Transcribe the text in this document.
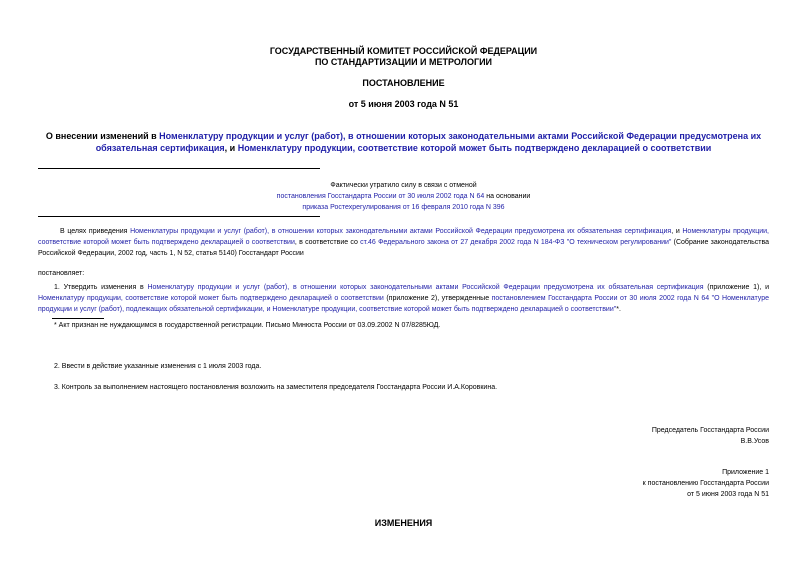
ГОСУДАРСТВЕННЫЙ КОМИТЕТ РОССИЙСКОЙ ФЕДЕРАЦИИ
ПО СТАНДАРТИЗАЦИИ И МЕТРОЛОГИИ
ПОСТАНОВЛЕНИЕ
от 5 июня 2003 года N 51
О внесении изменений в Номенклатуру продукции и услуг (работ), в отношении которых законодательными актами Российской Федерации предусмотрена их обязательная сертификация, и Номенклатуру продукции, соответствие которой может быть подтверждено декларацией о соответствии
Фактически утратило силу в связи с отменой
постановления Госстандарта России от 30 июля 2002 года N 64 на основании
приказа Ростехрегулирования от 16 февраля 2010 года N 396
В целях приведения Номенклатуры продукции и услуг (работ), в отношении которых законодательными актами Российской Федерации предусмотрена их обязательная сертификация, и Номенклатуры продукции, соответствие которой может быть подтверждено декларацией о соответствии, в соответствие со ст.46 Федерального закона от 27 декабря 2002 года N 184-ФЗ "О техническом регулировании" (Собрание законодательства Российской Федерации, 2002 год, часть 1, N 52, статья 5140) Госстандарт России
постановляет:
1. Утвердить изменения в Номенклатуру продукции и услуг (работ), в отношении которых законодательными актами Российской Федерации предусмотрена их обязательная сертификация (приложение 1), и Номенклатуру продукции, соответствие которой может быть подтверждено декларацией о соответствии (приложение 2), утвержденные постановлением Госстандарта России от 30 июля 2002 года N 64 "О Номенклатуре продукции и услуг (работ), подлежащих обязательной сертификации, и Номенклатуре продукции, соответствие которой может быть подтверждено декларацией о соответствии"*.
* Акт признан не нуждающимся в государственной регистрации. Письмо Минюста России от 03.09.2002 N 07/8285ЮД.
2. Ввести в действие указанные изменения с 1 июля 2003 года.
3. Контроль за выполнением настоящего постановления возложить на заместителя председателя Госстандарта России И.А.Коровкина.
Председатель Госстандарта России
В.В.Усов
Приложение 1
к постановлению Госстандарта России
от 5 июня 2003 года N 51
ИЗМЕНЕНИЯ
